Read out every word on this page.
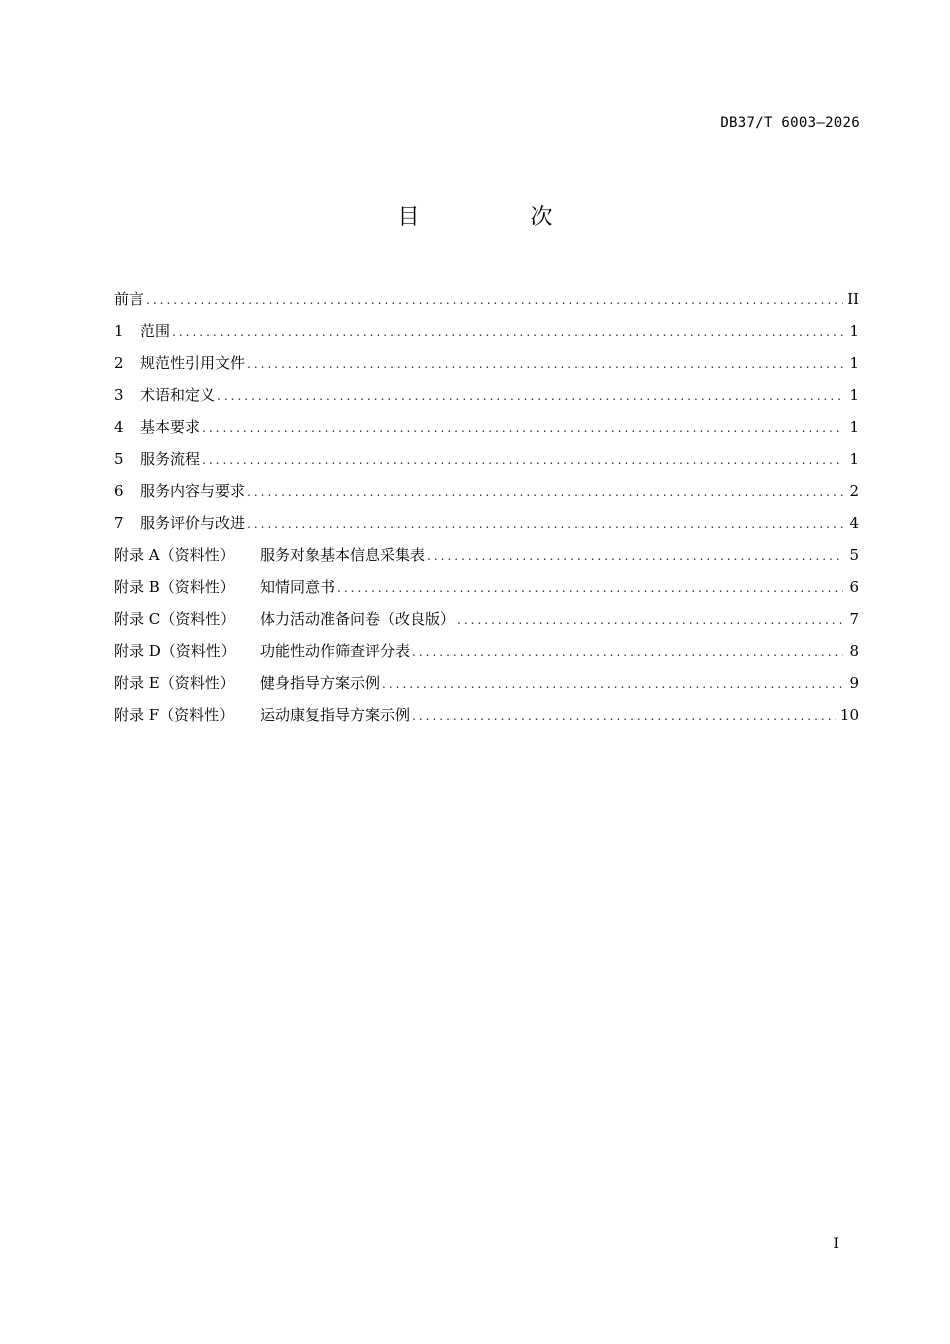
DB37/T 6003—2026
目 次
前言 .....	II
1 范围 .....	1
2 规范性引用文件 .....	1
3 术语和定义 .....	1
4 基本要求 .....	1
5 服务流程 .....	1
6 服务内容与要求 .....	2
7 服务评价与改进 .....	4
附录 A（资料性） 服务对象基本信息采集表 .....	5
附录 B（资料性） 知情同意书 .....	6
附录 C（资料性） 体力活动准备问卷（改良版） .....	7
附录 D（资料性） 功能性动作筛查评分表 .....	8
附录 E（资料性） 健身指导方案示例 .....	9
附录 F（资料性） 运动康复指导方案示例 .....	10
I
